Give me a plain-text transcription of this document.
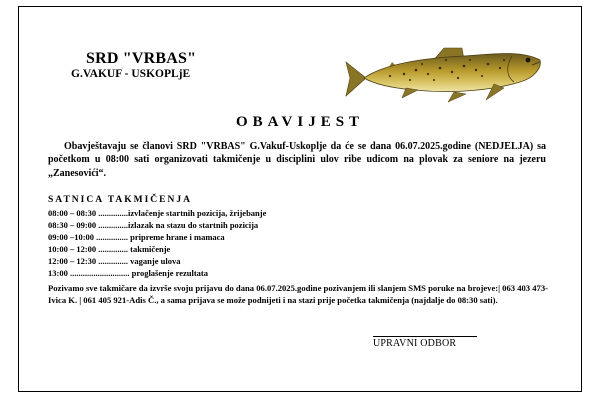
SRD "VRBAS"
G.VAKUF - USKOPLjE
OBAVIJEST

Obavještavaju se članovi SRD "VRBAS" G.Vakuf-Uskoplje da će se dana 06.07.2025.godine (NEDJELJA) sa početkom u 08:00 sati organizovati takmičenje u disciplini ulov ribe udicom na plovak za seniore na jezeru „Zanesovići“.

SATNICA TAKMIČENJA
08:00 – 08:30 ..............izvlačenje startnih pozicija, žrijebanje
08:30 – 09:00 ..............izlazak na stazu do startnih pozicija
09:00 –10:00 ............... pripreme hrane i mamaca
10:00 – 12:00 .............. takmičenje
12:00 – 12:30 .............. vaganje ulova
13:00 ............................ proglašenje rezultata

Pozivamo sve takmičare da izvrše svoju prijavu do dana 06.07.2025.godine pozivanjem ili slanjem SMS poruke na brojeve:| 063 403 473-Ivica K. | 061 405 921-Adis Č., a sama prijava se može podnijeti i na stazi prije početka takmičenja (najdalje do 08:30 sati).

UPRAVNI ODBOR
